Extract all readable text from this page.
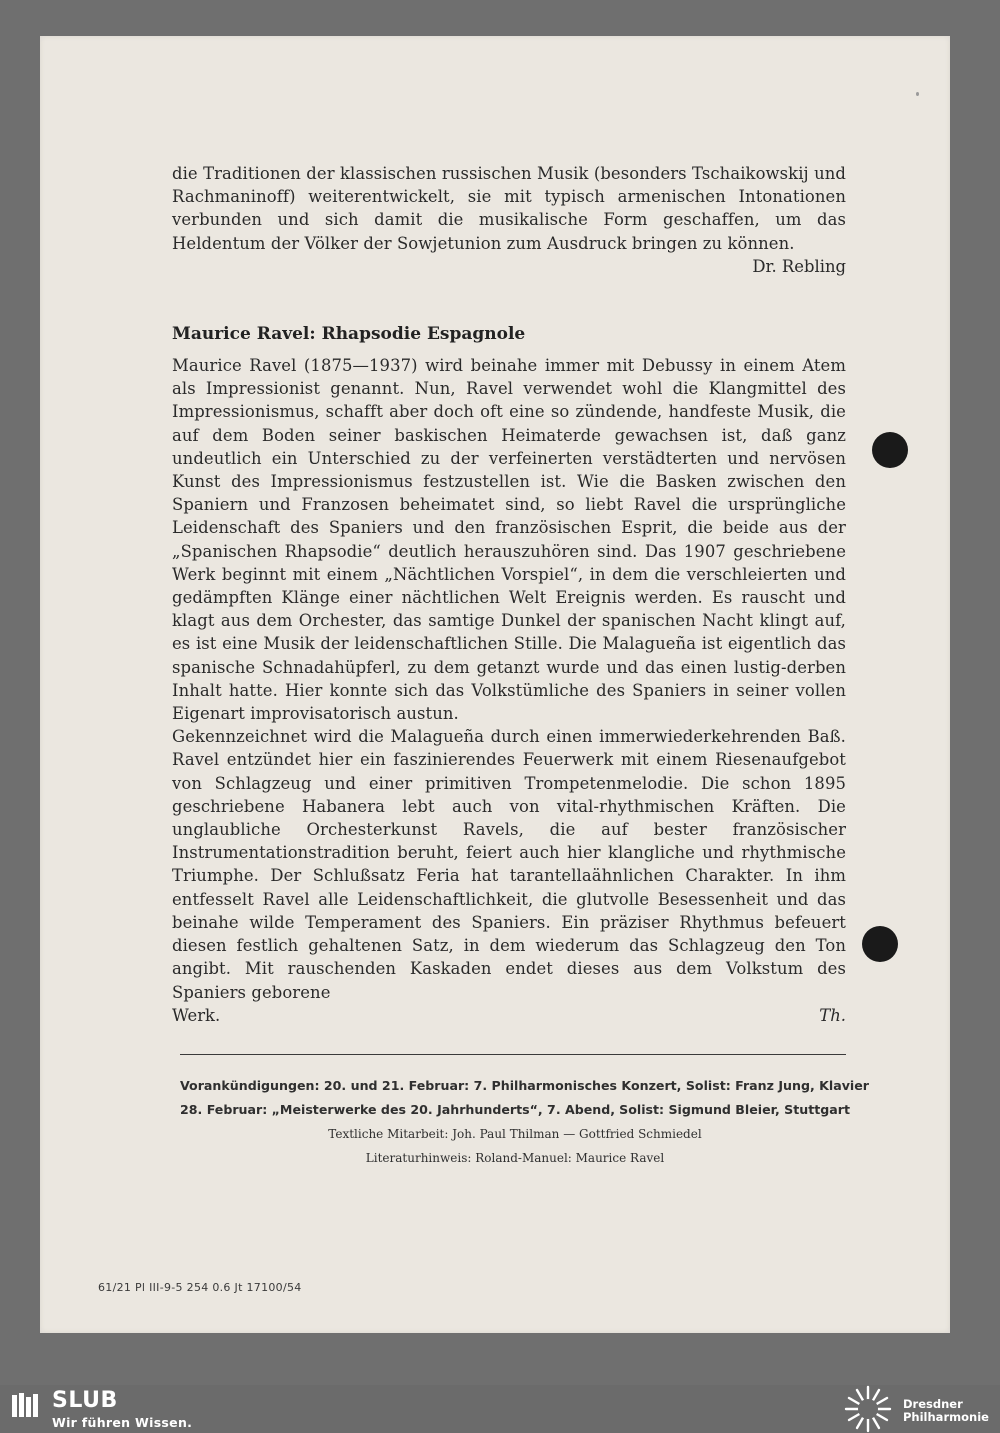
die Traditionen der klassischen russischen Musik (besonders Tschaikowskij und Rachmaninoff) weiterentwickelt, sie mit typisch armenischen Intonationen verbunden und sich damit die musikalische Form geschaffen, um das Heldentum der Völker der Sowjetunion zum Ausdruck bringen zu können.

Dr. Rebling

Maurice Ravel: Rhapsodie Espagnole

Maurice Ravel (1875—1937) wird beinahe immer mit Debussy in einem Atem als Impressionist genannt. Nun, Ravel verwendet wohl die Klangmittel des Impressionismus, schafft aber doch oft eine so zündende, handfeste Musik, die auf dem Boden seiner baskischen Heimaterde gewachsen ist, daß ganz undeutlich ein Unterschied zu der verfeinerten verstädterten und nervösen Kunst des Impressionismus festzustellen ist. Wie die Basken zwischen den Spaniern und Franzosen beheimatet sind, so liebt Ravel die ursprüngliche Leidenschaft des Spaniers und den französischen Esprit, die beide aus der „Spanischen Rhapsodie“ deutlich herauszuhören sind. Das 1907 geschriebene Werk beginnt mit einem „Nächtlichen Vorspiel“, in dem die verschleierten und gedämpften Klänge einer nächtlichen Welt Ereignis werden. Es rauscht und klagt aus dem Orchester, das samtige Dunkel der spanischen Nacht klingt auf, es ist eine Musik der leidenschaftlichen Stille. Die Malagueña ist eigentlich das spanische Schnadahüpferl, zu dem getanzt wurde und das einen lustig-derben Inhalt hatte. Hier konnte sich das Volkstümliche des Spaniers in seiner vollen Eigenart improvisatorisch austun.

Gekennzeichnet wird die Malagueña durch einen immerwiederkehrenden Baß. Ravel entzündet hier ein faszinierendes Feuerwerk mit einem Riesenaufgebot von Schlagzeug und einer primitiven Trompetenmelodie. Die schon 1895 geschriebene Habanera lebt auch von vital-rhythmischen Kräften. Die unglaubliche Orchesterkunst Ravels, die auf bester französischer Instrumentationstradition beruht, feiert auch hier klangliche und rhythmische Triumphe. Der Schlußsatz Feria hat tarantellaähnlichen Charakter. In ihm entfesselt Ravel alle Leidenschaftlichkeit, die glutvolle Besessenheit und das beinahe wilde Temperament des Spaniers. Ein präziser Rhythmus befeuert diesen festlich gehaltenen Satz, in dem wiederum das Schlagzeug den Ton angibt. Mit rauschenden Kaskaden endet dieses aus dem Volkstum des Spaniers geborene

Werk.	Th.

Vorankündigungen: 20. und 21. Februar: 7. Philharmonisches Konzert, Solist: Franz Jung, Klavier

28. Februar: „Meisterwerke des 20. Jahrhunderts“, 7. Abend, Solist: Sigmund Bleier, Stuttgart

Textliche Mitarbeit: Joh. Paul Thilman — Gottfried Schmiedel

Literaturhinweis: Roland-Manuel: Maurice Ravel

61/21 Pl III-9-5 254 0.6 Jt 17100/54
SLUB
Wir führen Wissen.
Dresdner
Philharmonie
